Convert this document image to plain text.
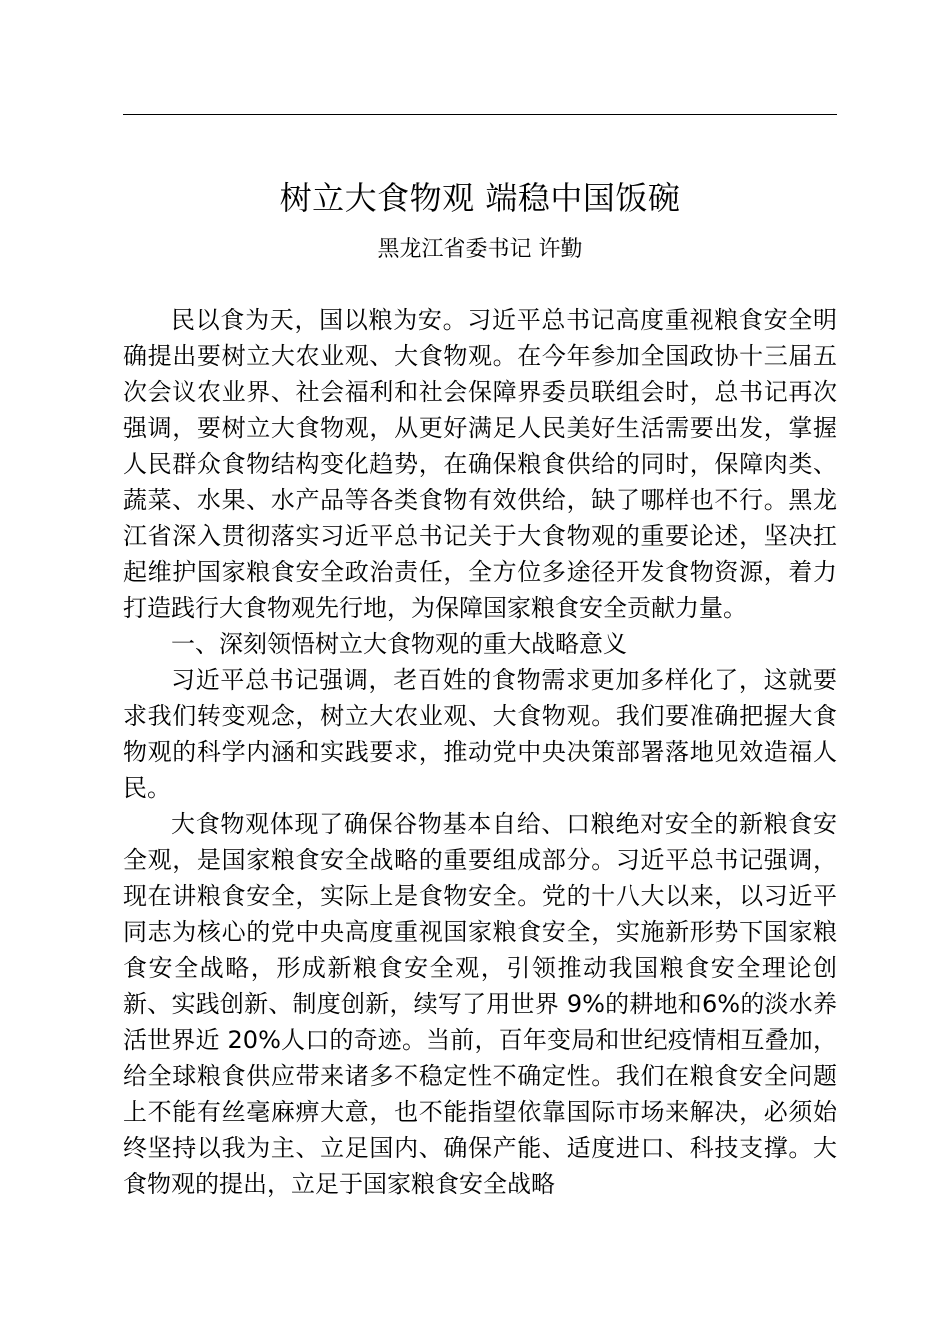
树立大食物观 端稳中国饭碗

黑龙江省委书记 许勤

民以食为天，国以粮为安。习近平总书记高度重视粮食安全明确提出要树立大农业观、大食物观。在今年参加全国政协十三届五次会议农业界、社会福利和社会保障界委员联组会时，总书记再次强调，要树立大食物观，从更好满足人民美好生活需要出发，掌握人民群众食物结构变化趋势，在确保粮食供给的同时，保障肉类、蔬菜、水果、水产品等各类食物有效供给，缺了哪样也不行。黑龙江省深入贯彻落实习近平总书记关于大食物观的重要论述，坚决扛起维护国家粮食安全政治责任，全方位多途径开发食物资源，着力打造践行大食物观先行地，为保障国家粮食安全贡献力量。

一、深刻领悟树立大食物观的重大战略意义

习近平总书记强调，老百姓的食物需求更加多样化了，这就要求我们转变观念，树立大农业观、大食物观。我们要准确把握大食物观的科学内涵和实践要求，推动党中央决策部署落地见效造福人民。

大食物观体现了确保谷物基本自给、口粮绝对安全的新粮食安全观，是国家粮食安全战略的重要组成部分。习近平总书记强调，现在讲粮食安全，实际上是食物安全。党的十八大以来，以习近平同志为核心的党中央高度重视国家粮食安全，实施新形势下国家粮食安全战略，形成新粮食安全观，引领推动我国粮食安全理论创新、实践创新、制度创新，续写了用世界 9%的耕地和6%的淡水养活世界近 20%人口的奇迹。当前，百年变局和世纪疫情相互叠加，给全球粮食供应带来诸多不稳定性不确定性。我们在粮食安全问题上不能有丝毫麻痹大意，也不能指望依靠国际市场来解决，必须始终坚持以我为主、立足国内、确保产能、适度进口、科技支撑。大食物观的提出，立足于国家粮食安全战略
